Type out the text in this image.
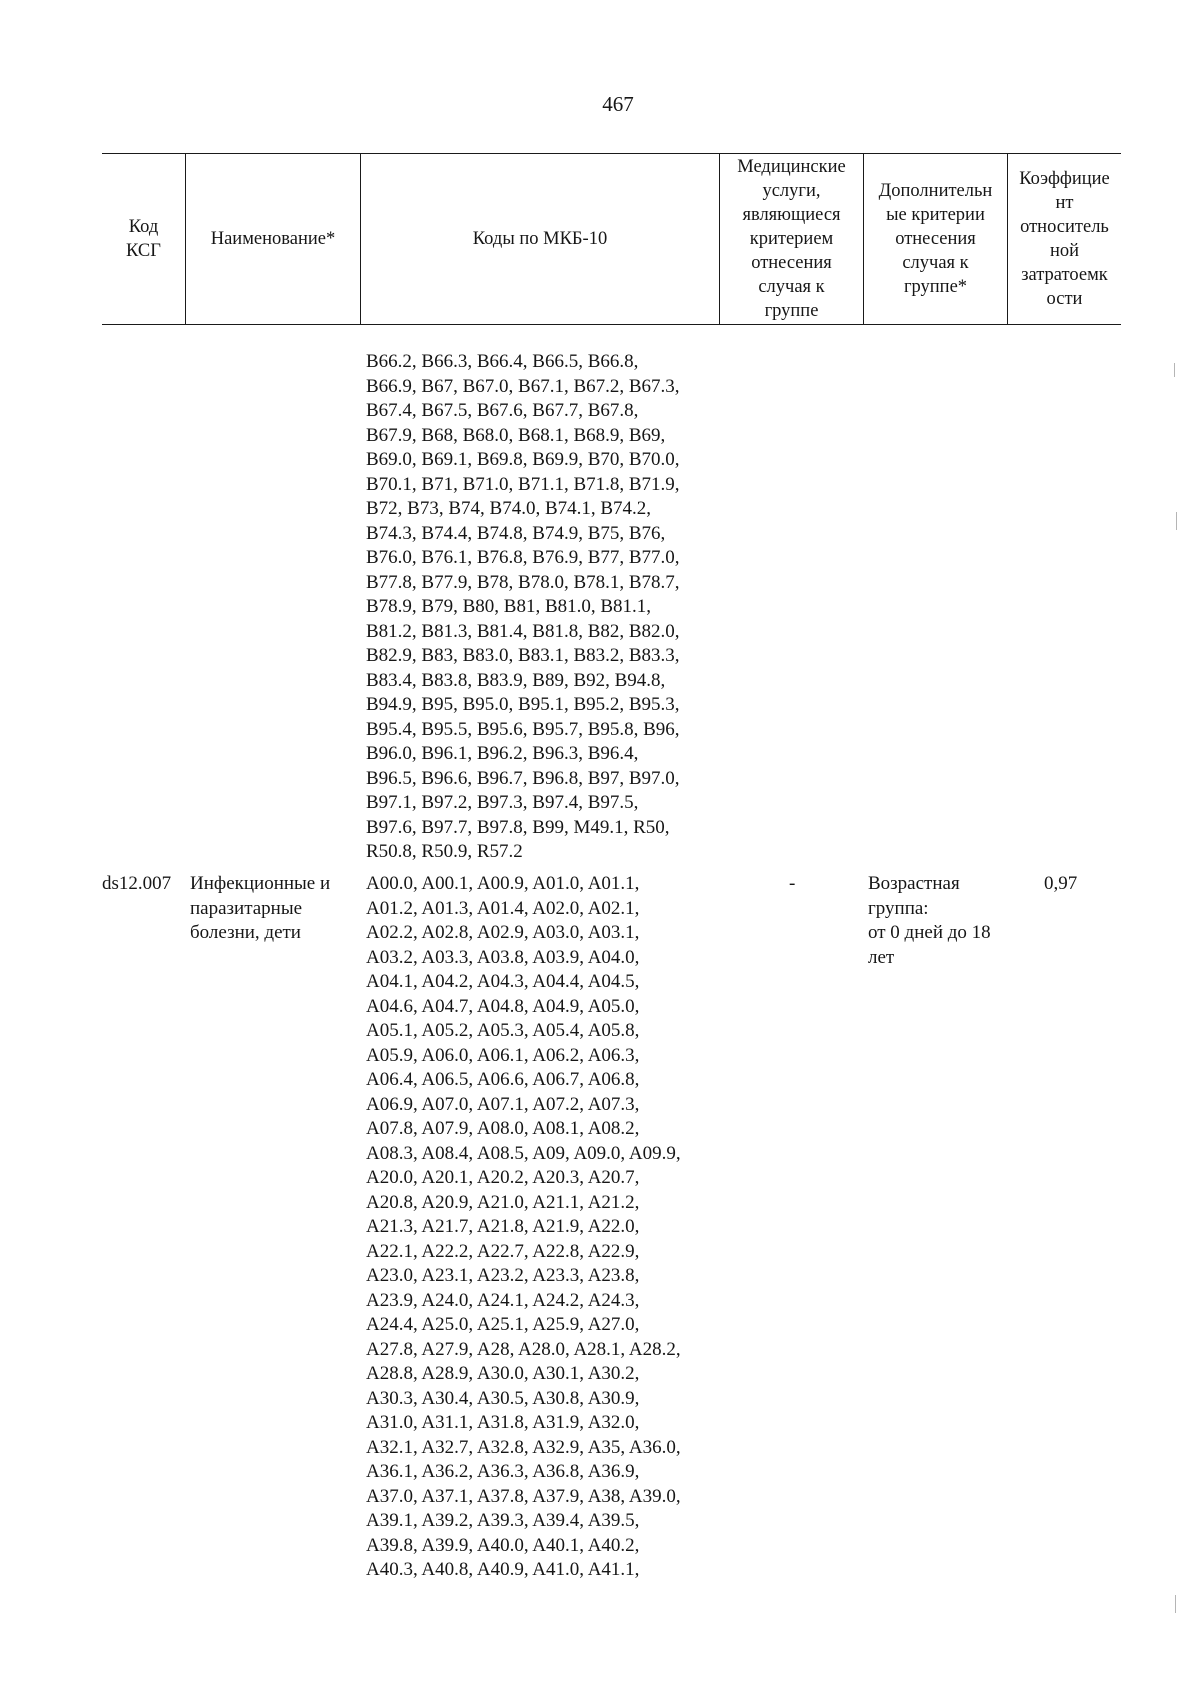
467
Код
КСГ
Наименование*	Коды по МКБ-10
Медицинские
услуги,
являющиеся
критерием
отнесения
случая к
группе
Дополнительн
ые критерии
отнесения
случая к
группе*
Коэффицие
нт
относитель
ной
затратоемк
ости
B66.2, B66.3, B66.4, B66.5, B66.8,
B66.9, B67, B67.0, B67.1, B67.2, B67.3,
B67.4, B67.5, B67.6, B67.7, B67.8,
B67.9, B68, B68.0, B68.1, B68.9, B69,
B69.0, B69.1, B69.8, B69.9, B70, B70.0,
B70.1, B71, B71.0, B71.1, B71.8, B71.9,
B72, B73, B74, B74.0, B74.1, B74.2,
B74.3, B74.4, B74.8, B74.9, B75, B76,
B76.0, B76.1, B76.8, B76.9, B77, B77.0,
B77.8, B77.9, B78, B78.0, B78.1, B78.7,
B78.9, B79, B80, B81, B81.0, B81.1,
B81.2, B81.3, B81.4, B81.8, B82, B82.0,
B82.9, B83, B83.0, B83.1, B83.2, B83.3,
B83.4, B83.8, B83.9, B89, B92, B94.8,
B94.9, B95, B95.0, B95.1, B95.2, B95.3,
B95.4, B95.5, B95.6, B95.7, B95.8, B96,
B96.0, B96.1, B96.2, B96.3, B96.4,
B96.5, B96.6, B96.7, B96.8, B97, B97.0,
B97.1, B97.2, B97.3, B97.4, B97.5,
B97.6, B97.7, B97.8, B99, M49.1, R50,
R50.8, R50.9, R57.2
ds12.007 Инфекционные и
паразитарные
болезни, дети
A00.0, A00.1, A00.9, A01.0, A01.1,
A01.2, A01.3, A01.4, A02.0, A02.1,
A02.2, A02.8, A02.9, A03.0, A03.1,
A03.2, A03.3, A03.8, A03.9, A04.0,
A04.1, A04.2, A04.3, A04.4, A04.5,
A04.6, A04.7, A04.8, A04.9, A05.0,
A05.1, A05.2, A05.3, A05.4, A05.8,
A05.9, A06.0, A06.1, A06.2, A06.3,
A06.4, A06.5, A06.6, A06.7, A06.8,
A06.9, A07.0, A07.1, A07.2, A07.3,
A07.8, A07.9, A08.0, A08.1, A08.2,
A08.3, A08.4, A08.5, A09, A09.0, A09.9,
A20.0, A20.1, A20.2, A20.3, A20.7,
A20.8, A20.9, A21.0, A21.1, A21.2,
A21.3, A21.7, A21.8, A21.9, A22.0,
A22.1, A22.2, A22.7, A22.8, A22.9,
A23.0, A23.1, A23.2, A23.3, A23.8,
A23.9, A24.0, A24.1, A24.2, A24.3,
A24.4, A25.0, A25.1, A25.9, A27.0,
A27.8, A27.9, A28, A28.0, A28.1, A28.2,
A28.8, A28.9, A30.0, A30.1, A30.2,
A30.3, A30.4, A30.5, A30.8, A30.9,
A31.0, A31.1, A31.8, A31.9, A32.0,
A32.1, A32.7, A32.8, A32.9, A35, A36.0,
A36.1, A36.2, A36.3, A36.8, A36.9,
A37.0, A37.1, A37.8, A37.9, A38, A39.0,
A39.1, A39.2, A39.3, A39.4, A39.5,
A39.8, A39.9, A40.0, A40.1, A40.2,
A40.3, A40.8, A40.9, A41.0, A41.1,
-	Возрастная
группа:
от 0 дней до 18
лет
0,97
